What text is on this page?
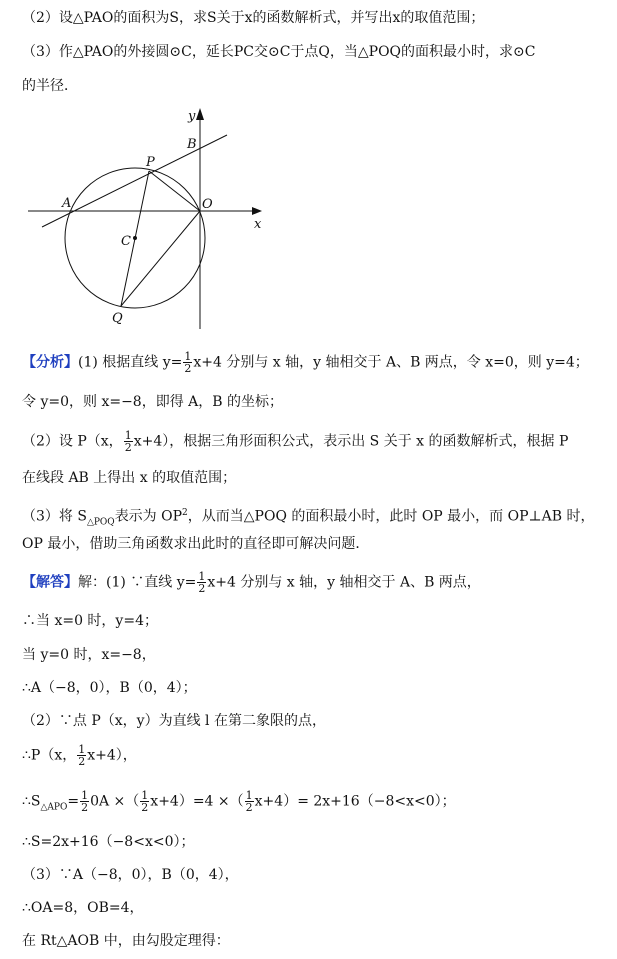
（2）设△PAO的面积为S，求S关于x的函数解析式，并写出x的取值范围；
（3）作△PAO的外接圆⊙C，延长PC交⊙C于点Q，当△POQ的面积最小时，求⊙C
的半径．
y
x
B
P
A	O
C
Q
【分析】(1) 根据直线 $y= \frac{1}{2} x+4$ 分别与 x 轴，y 轴相交于 A、B 两点，令 x=0，则 y=4；
令 y=0，则 x=−8，即得 A，B 的坐标；
（2）设 P（x， $\frac{1}{2} x+4$），根据三角形面积公式，表示出 S 关于 x 的函数解析式，根据 P
在线段 AB 上得出 x 的取值范围；
（3）将 $S_{\triangle POQ}$表示为 $OP^2$，从而当△POQ 的面积最小时，此时 OP 最小，而 OP⊥AB 时，
OP 最小，借助三角函数求出此时的直径即可解决问题．
【解答】解：(1) ∵直线 $y= \frac{1}{2} x+4$ 分别与 x 轴，y 轴相交于 A、B 两点，
∴当 x=0 时，y=4；
当 y=0 时，x=−8，
∴A（−8，0），B（0，4）；
（2）∵点 P（x，y）为直线 l 在第二象限的点，
∴P（x， $\frac{1}{2} x+4$），
$\therefore S_{\triangle APO}= \frac{1}{2} 0A$ ×（ $\frac{1}{2} x+4)=4$ ×（ $\frac{1}{2} x+4)= 2x+16(-8<x<0)$；
∴S=2x+16（−8<x<0）；
（3）∵A（−8，0），B（0，4），
∴OA=8，OB=4，
在 Rt△AOB 中，由勾股定理得：
